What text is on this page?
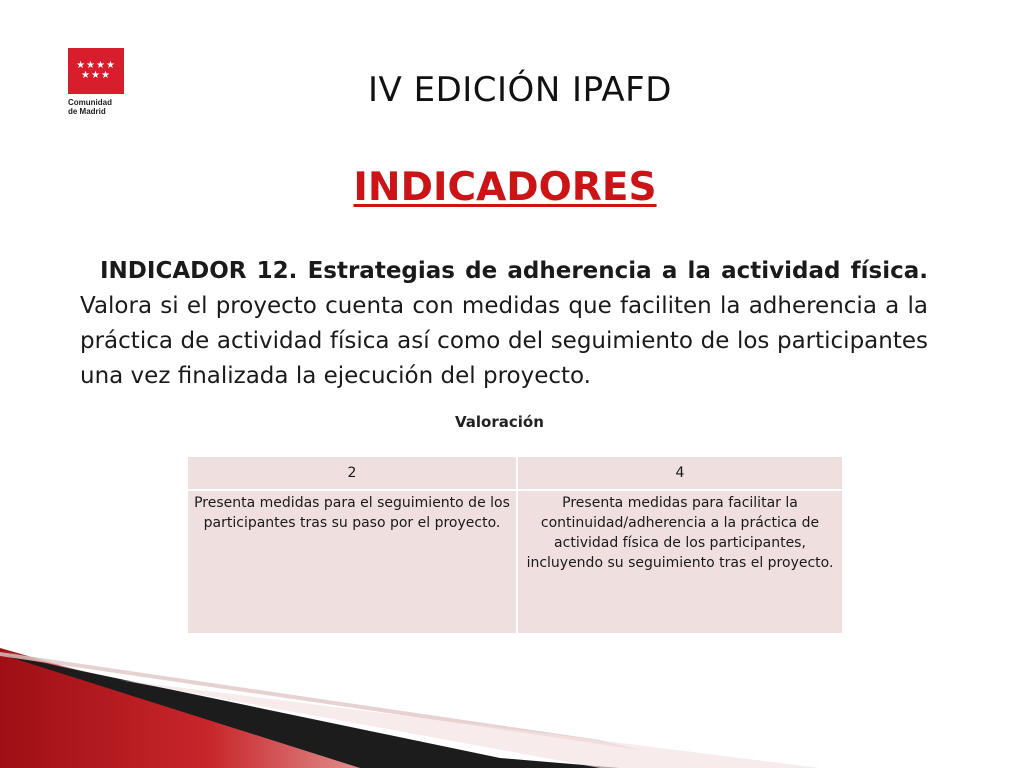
★★★★
★★★
Comunidad
de Madrid
IV EDICIÓN IPAFD
INDICADORES

INDICADOR 12. Estrategias de adherencia a la actividad física. Valora si el proyecto cuenta con medidas que faciliten la adherencia a la práctica de actividad física así como del seguimiento de los participantes una vez finalizada la ejecución del proyecto.

Valoración
2	4
Presenta medidas para el seguimiento de los participantes tras su paso por el proyecto.	Presenta medidas para facilitar la continuidad/adherencia a la práctica de actividad física de los participantes, incluyendo su seguimiento tras el proyecto.
